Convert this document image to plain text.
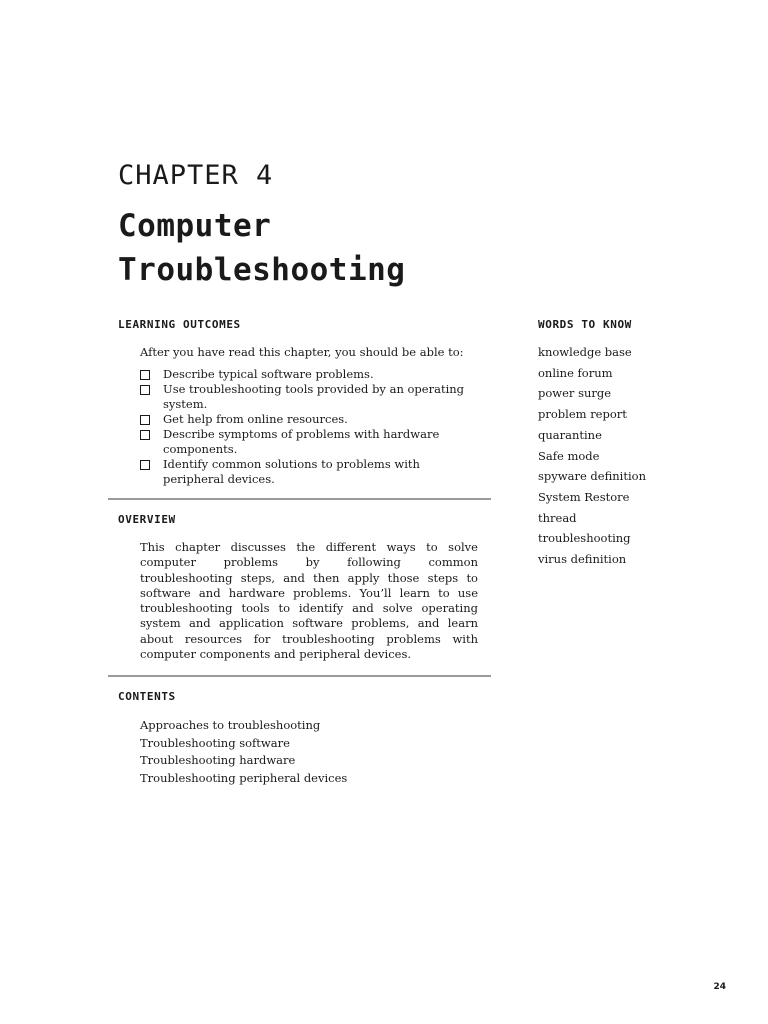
CHAPTER 4
Computer
Troubleshooting
LEARNING OUTCOMES

After you have read this chapter, you should be able to:

Describe typical software problems.
Use troubleshooting tools provided by an operating system.
Get help from online resources.
Describe symptoms of problems with hardware components.
Identify common solutions to problems with peripheral devices.
OVERVIEW

This chapter discusses the different ways to solve computer problems by following common troubleshooting steps, and then apply those steps to software and hardware problems. You’ll learn to use troubleshooting tools to identify and solve operating system and application software problems, and learn about resources for troubleshooting problems with computer components and peripheral devices.

CONTENTS
Approaches to troubleshooting
Troubleshooting software
Troubleshooting hardware
Troubleshooting peripheral devices
WORDS TO KNOW
knowledge base
online forum
power surge
problem report
quarantine
Safe mode
spyware definition
System Restore
thread
troubleshooting
virus definition
24
